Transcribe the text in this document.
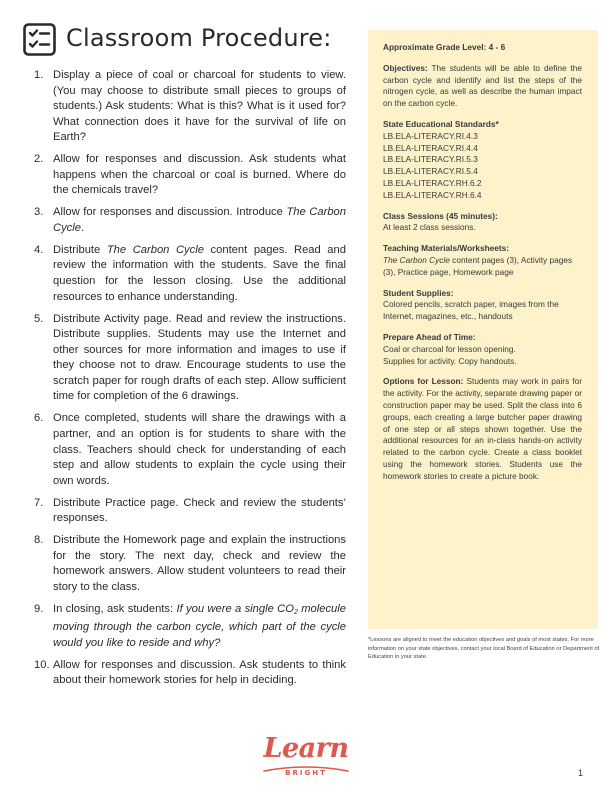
Classroom Procedure:
1. Display a piece of coal or charcoal for students to view. (You may choose to distribute small pieces to groups of students.) Ask students: What is this? What is it used for? What connection does it have for the survival of life on Earth?
2. Allow for responses and discussion. Ask students what happens when the charcoal or coal is burned. Where do the chemicals travel?
3. Allow for responses and discussion. Introduce The Carbon Cycle.
4. Distribute The Carbon Cycle content pages. Read and review the information with the students. Save the final question for the lesson closing. Use the additional resources to enhance understanding.
5. Distribute Activity page. Read and review the instructions. Distribute supplies. Students may use the Internet and other sources for more information and images to use if they choose not to draw. Encourage students to use the scratch paper for rough drafts of each step. Allow sufficient time for completion of the 6 drawings.
6. Once completed, students will share the drawings with a partner, and an option is for students to share with the class. Teachers should check for understanding of each step and allow students to explain the cycle using their own words.
7. Distribute Practice page. Check and review the students’ responses.
8. Distribute the Homework page and explain the instructions for the story. The next day, check and review the homework answers. Allow student volunteers to read their story to the class.
9. In closing, ask students: If you were a single $CO_2$ molecule moving through the carbon cycle, which part of the cycle would you like to reside and why?
10. Allow for responses and discussion. Ask students to think about their homework stories for help in deciding.
Approximate Grade Level: 4 - 6
Objectives: The students will be able to define the carbon cycle and identify and list the steps of the nitrogen cycle, as well as describe the human impact on the carbon cycle.
State Educational Standards*
LB.ELA-LITERACY.RI.4.3
LB.ELA-LITERACY.RI.4.4
LB.ELA-LITERACY.RI.5.3
LB.ELA-LITERACY.RI.5.4
LB.ELA-LITERACY.RH.6.2
LB.ELA-LITERACY.RH.6.4
Class Sessions (45 minutes):
At least 2 class sessions.
Teaching Materials/Worksheets:
The Carbon Cycle content pages (3), Activity pages (3), Practice page, Homework page
Student Supplies:
Colored pencils, scratch paper, images from the Internet, magazines, etc., handouts
Prepare Ahead of Time:
Coal or charcoal for lesson opening.
Supplies for activity. Copy handouts.
Options for Lesson: Students may work in pairs for the activity. For the activity, separate drawing paper or construction paper may be used. Split the class into 6 groups, each creating a large butcher paper drawing of one step or all steps shown together. Use the additional resources for an in-class hands-on activity related to the carbon cycle. Create a class booklet using the homework stories. Students use the homework stories to create a picture book.
*Lessons are aligned to meet the education objectives and goals of most states. For more information on your state objectives, contact your local Board of Education or Department of Education in your state.
Learn
BRIGHT	1
